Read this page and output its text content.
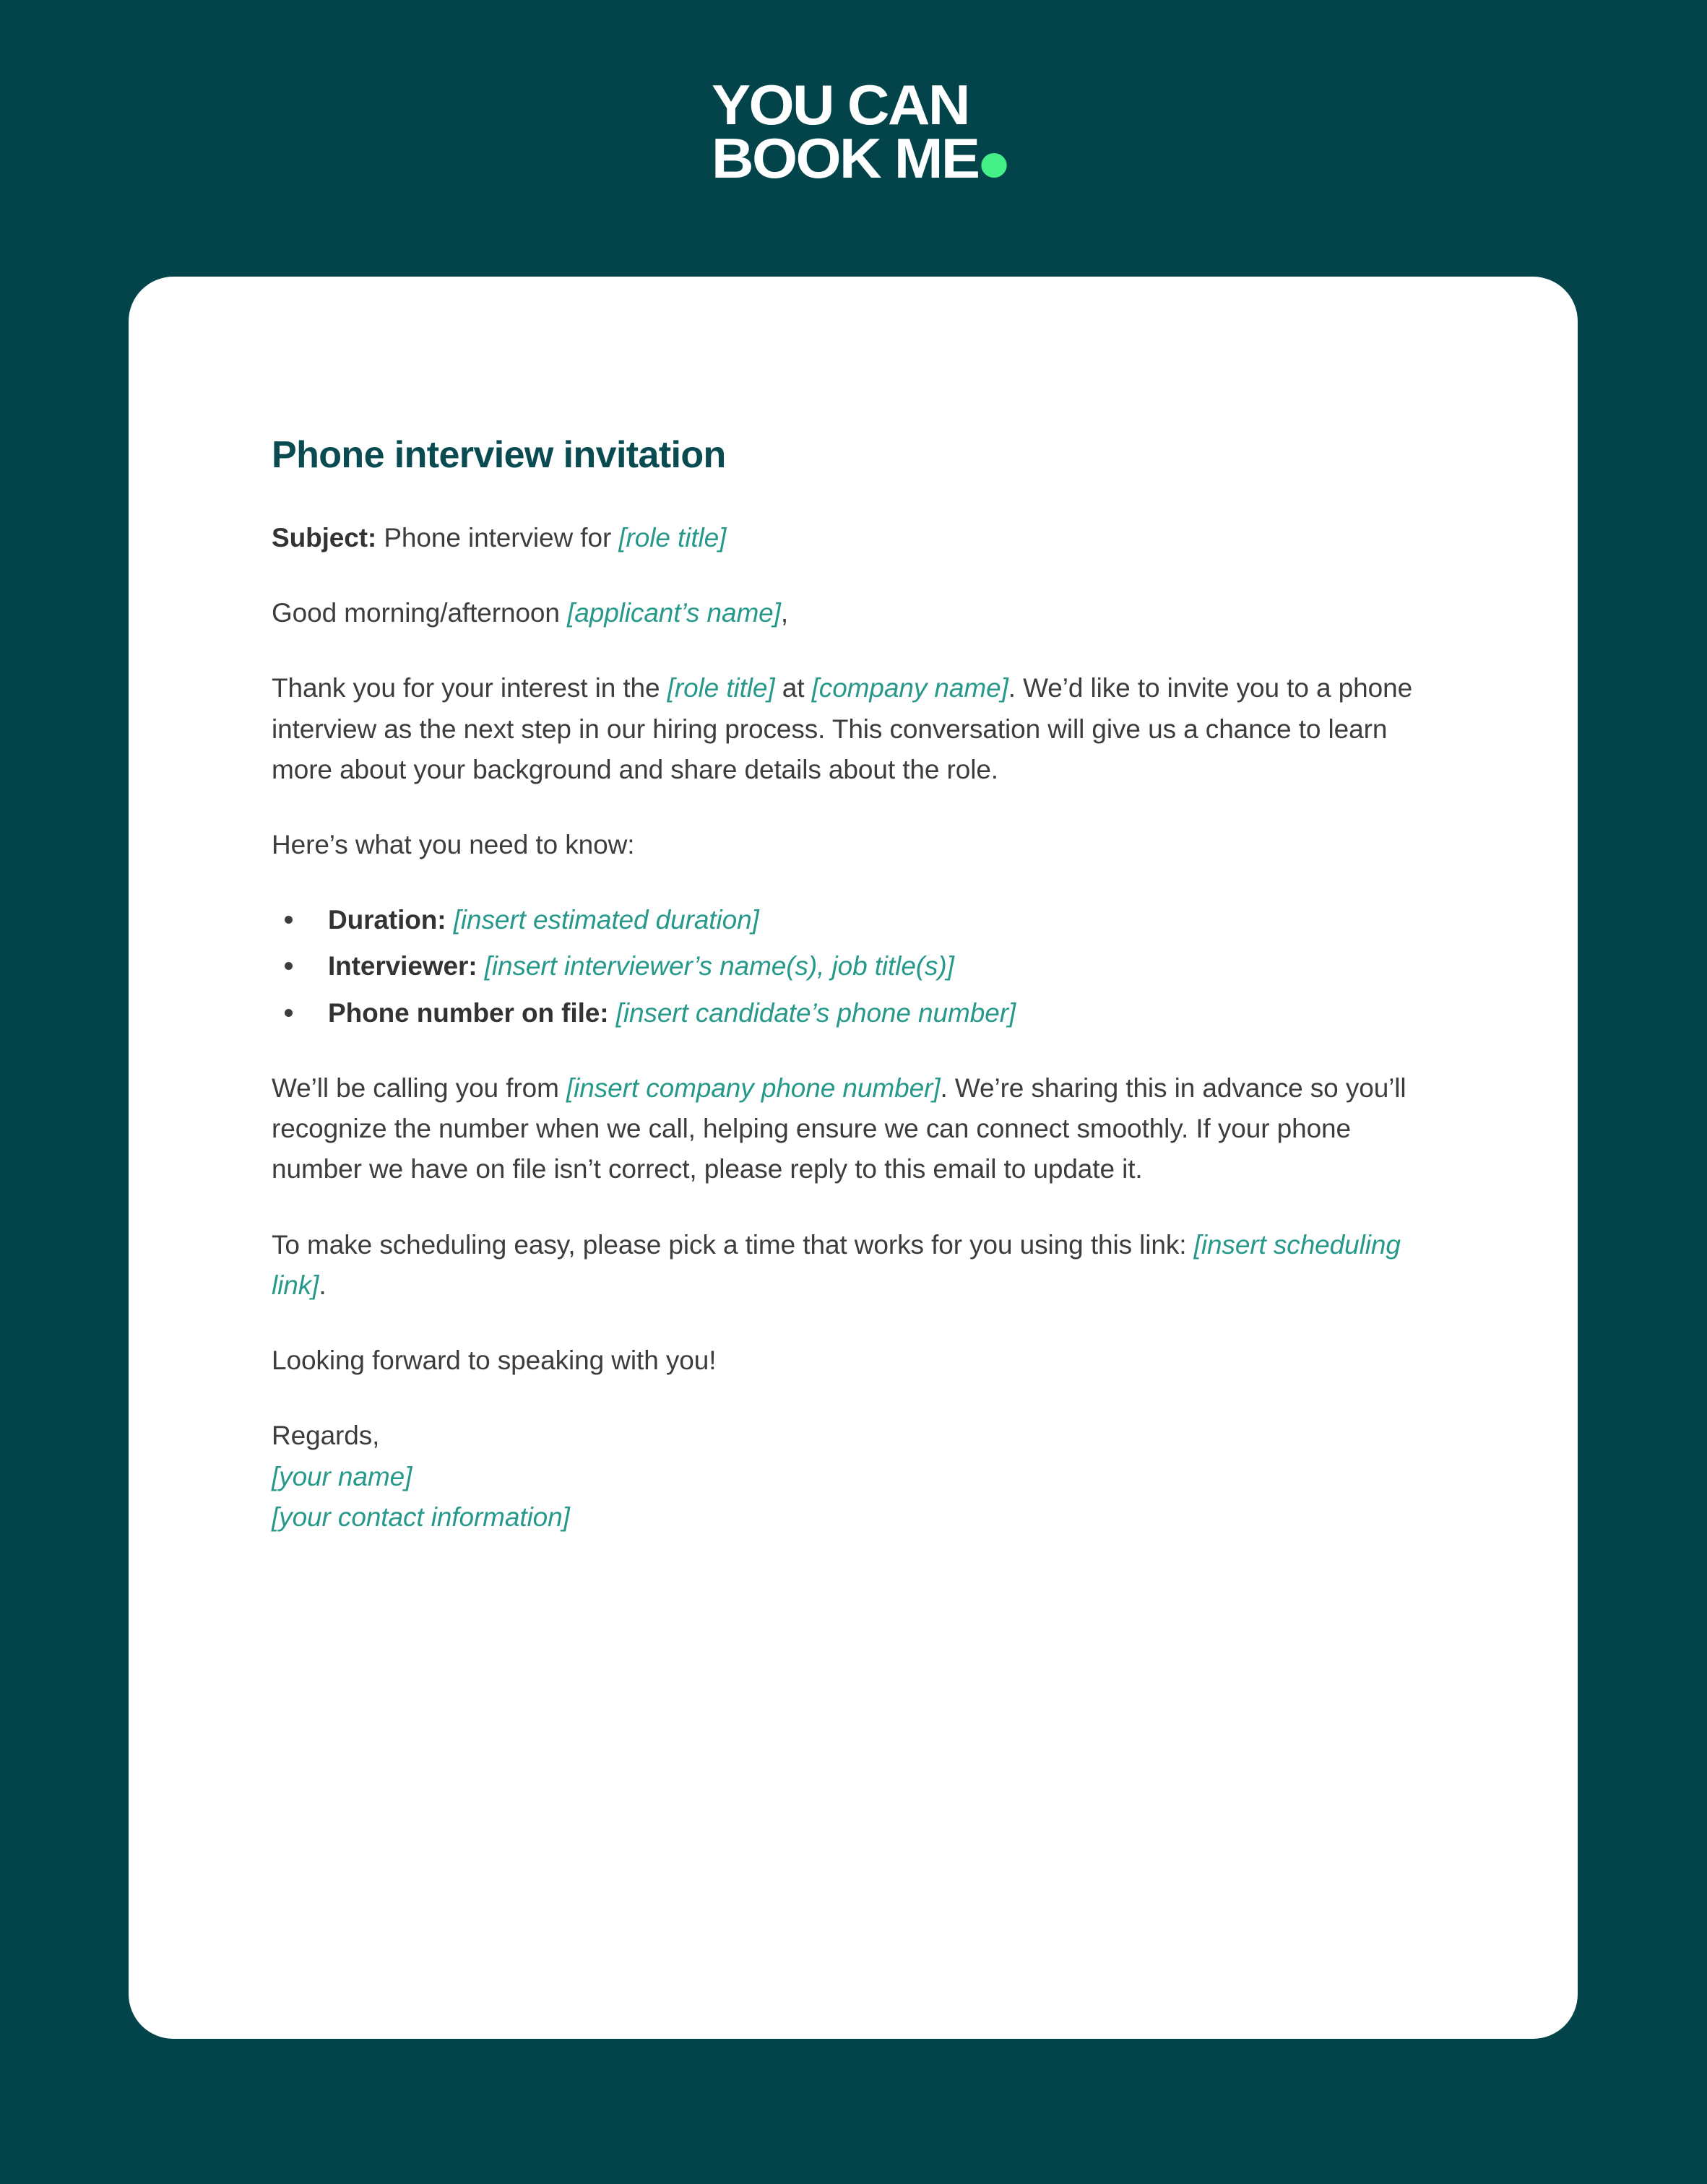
YOU CAN
BOOK ME
Phone interview invitation

Subject: Phone interview for [role title]

Good morning/afternoon [applicant’s name],

Thank you for your interest in the [role title] at [company name]. We’d like to invite you to a phone interview as the next step in our hiring process. This conversation will give us a chance to learn more about your background and share details about the role.

Here’s what you need to know:

Duration: [insert estimated duration]
Interviewer: [insert interviewer’s name(s), job title(s)]
Phone number on file: [insert candidate’s phone number]

We’ll be calling you from [insert company phone number]. We’re sharing this in advance so you’ll recognize the number when we call, helping ensure we can connect smoothly. If your phone number we have on file isn’t correct, please reply to this email to update it.

To make scheduling easy, please pick a time that works for you using this link: [insert scheduling link].

Looking forward to speaking with you!

Regards,
[your name]
[your contact information]
